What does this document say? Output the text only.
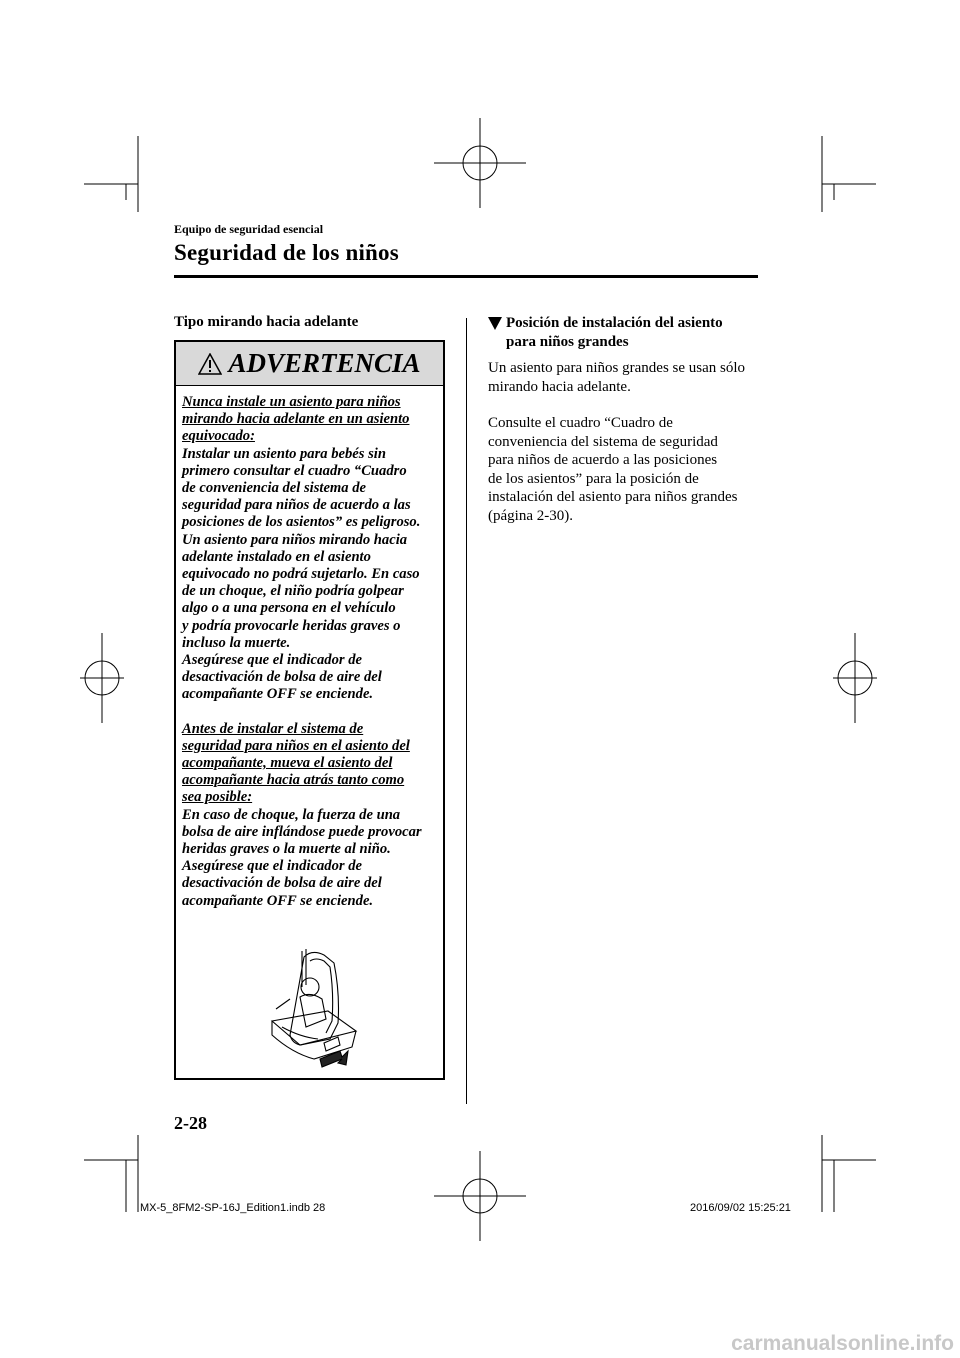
Equipo de seguridad esencial
Seguridad de los niños
Tipo mirando hacia adelante
ADVERTENCIA

Nunca instale un asiento para niños

mirando hacia adelante en un asiento

equivocado:

Instalar un asiento para bebés sin

primero consultar el cuadro “Cuadro

de conveniencia del sistema de

seguridad para niños de acuerdo a las

posiciones de los asientos” es peligroso.

Un asiento para niños mirando hacia

adelante instalado en el asiento

equivocado no podrá sujetarlo. En caso

de un choque, el niño podría golpear

algo o a una persona en el vehículo

y podría provocarle heridas graves o

incluso la muerte.

Asegúrese que el indicador de

desactivación de bolsa de aire del

acompañante OFF se enciende.

Antes de instalar el sistema de

seguridad para niños en el asiento del

acompañante, mueva el asiento del

acompañante hacia atrás tanto como

sea posible:

En caso de choque, la fuerza de una

bolsa de aire inflándose puede provocar

heridas graves o la muerte al niño.

Asegúrese que el indicador de

desactivación de bolsa de aire del

acompañante OFF se enciende.

Posición de instalación del asiento
para niños grandes

Un asiento para niños grandes se usan sólo

mirando hacia adelante.

Consulte el cuadro “Cuadro de

conveniencia del sistema de seguridad

para niños de acuerdo a las posiciones

de los asientos” para la posición de

instalación del asiento para niños grandes

(página 2-30).

2-28
MX-5_8FM2-SP-16J_Edition1.indb 28	2016/09/02 15:25:21
carmanualsonline.info
